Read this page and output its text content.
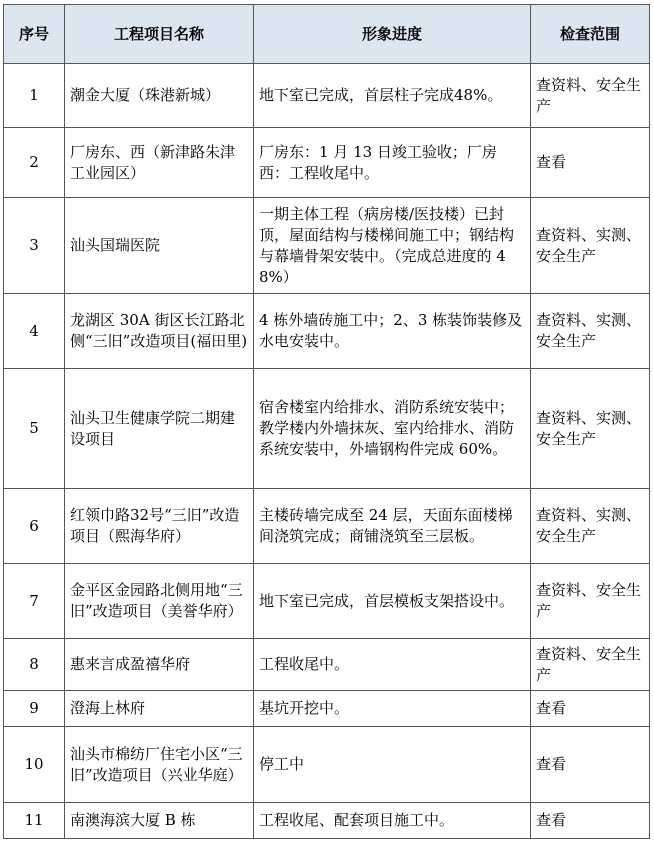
序号	工程项目名称	形象进度	检查范围
1	潮金大厦（珠港新城）	地下室已完成，首层柱子完成48%。	查资料、安全生产
2	厂房东、西（新津路朱津工业园区）	厂房东：1 月 13 日竣工验收；厂房西：工程收尾中。	查看
3	汕头国瑞医院	一期主体工程（病房楼/医技楼）已封顶，屋面结构与楼梯间施工中；钢结构与幕墙骨架安装中。（完成总进度的 48%）	查资料、实测、安全生产
4	龙湖区 30A 街区长江路北侧“三旧”改造项目(福田里)	4 栋外墙砖施工中；2、3 栋装饰装修及水电安装中。	查资料、实测、安全生产
5	汕头卫生健康学院二期建设项目	宿舍楼室内给排水、消防系统安装中；教学楼内外墙抹灰、室内给排水、消防系统安装中，外墙钢构件完成 60%。	查资料、实测、安全生产
6	红领巾路32号“三旧”改造项目（熙海华府）	主楼砖墙完成至 24 层，天面东面楼梯间浇筑完成；商铺浇筑至三层板。	查资料、实测、安全生产
7	金平区金园路北侧用地“三旧”改造项目（美誉华府）	地下室已完成，首层模板支架搭设中。	查资料、安全生产
8	惠来言成盈禧华府	工程收尾中。	查资料、安全生产
9	澄海上林府	基坑开挖中。	查看
10	汕头市棉纺厂住宅小区“三旧”改造项目（兴业华庭）	停工中	查看
11	南澳海滨大厦 B 栋	工程收尾、配套项目施工中。	查看
